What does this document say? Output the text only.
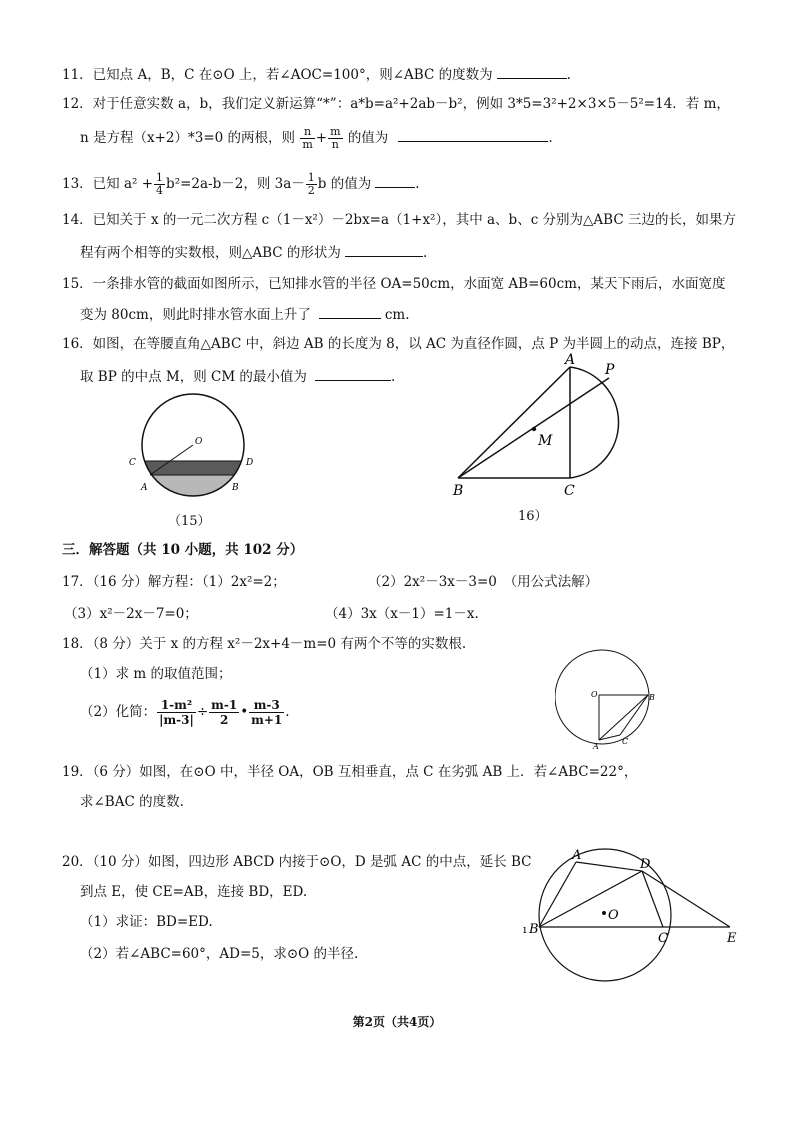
11．已知点 A，B，C 在⊙O 上，若∠AOC=100°，则∠ABC 的度数为	.
12．对于任意实数 a，b，我们定义新运算“*”：a*b=a²+2ab－b²，例如 3*5=3²+2×3×5－5²=14．若 m，
n 是方程（x+2）*3=0 的两根，则 $\frac{n}{m} + \frac{m}{n}$ 的值为	.
13．已知 $a^2 + \frac{1}{4} b^2=2a-b-2$，则 $3a- \frac{1}{2}$ b 的值为	.
14．已知关于 x 的一元二次方程 c（1－x²）－2bx=a（1+x²），其中 a、b、c 分别为△ABC 三边的长，如果方
程有两个相等的实数根，则△ABC 的形状为	.
15．一条排水管的截面如图所示，已知排水管的半径 OA=50cm，水面宽 AB=60cm，某天下雨后，水面宽度
变为 80cm，则此时排水管水面上升了	cm.
16．如图，在等腰直角△ABC 中，斜边 AB 的长度为 8，以 AC 为直径作圆，点 P 为半圆上的动点，连接 BP，
取 BP 的中点 M，则 CM 的最小值为	.
O
C	D
A	B
（15）
A
P
M
B	C
16）
三．解答题（共 10 小题，共 102 分）
17．（16 分）解方程：（1）2x²=2；	（2）2x²－3x－3=0　（用公式法解）
（3）x²－2x－7=0；	（4）3x（x－1）=1－x.
18．（8 分）关于 x 的方程 x²－2x+4－m=0 有两个不等的实数根.
（1）求 m 的取值范围；
（2）化简： $\frac{\text{1-m²}}{|m-3|} \div \frac{m-1}{2}$ • $\frac{m-3}{m+1}$ .
O	B
A
C
19．（6 分）如图，在⊙O 中，半径 OA，OB 互相垂直，点 C 在劣弧 AB 上．若∠ABC=22°，
求∠BAC 的度数.
20．（10 分）如图，四边形 ABCD 内接于⊙O，D 是弧 AC 的中点，延长 BC
到点 E，使 CE=AB，连接 BD，ED.
（1）求证：BD=ED.
（2）若∠ABC=60°，AD=5，求⊙O 的半径.
A
D
O
ı B
C	E
第2页（共4页）
